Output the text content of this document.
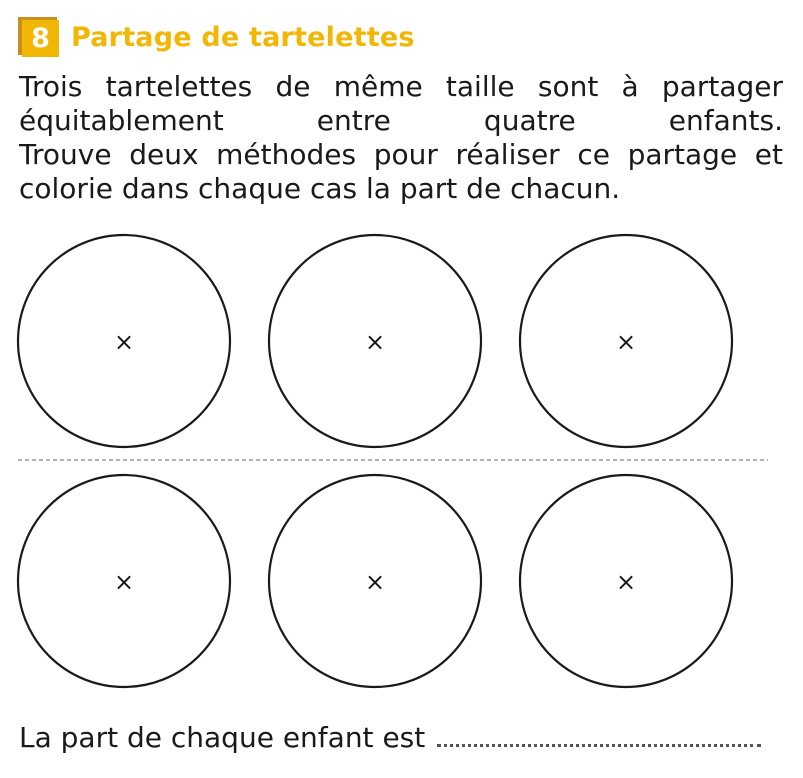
8 Partage de tartelettes
Trois tartelettes de même taille sont à partager
équitablement entre quatre enfants.
Trouve deux méthodes pour réaliser ce partage et
colorie dans chaque cas la part de chacun.
×	×	×
×	×	×
La part de chaque enfant est
